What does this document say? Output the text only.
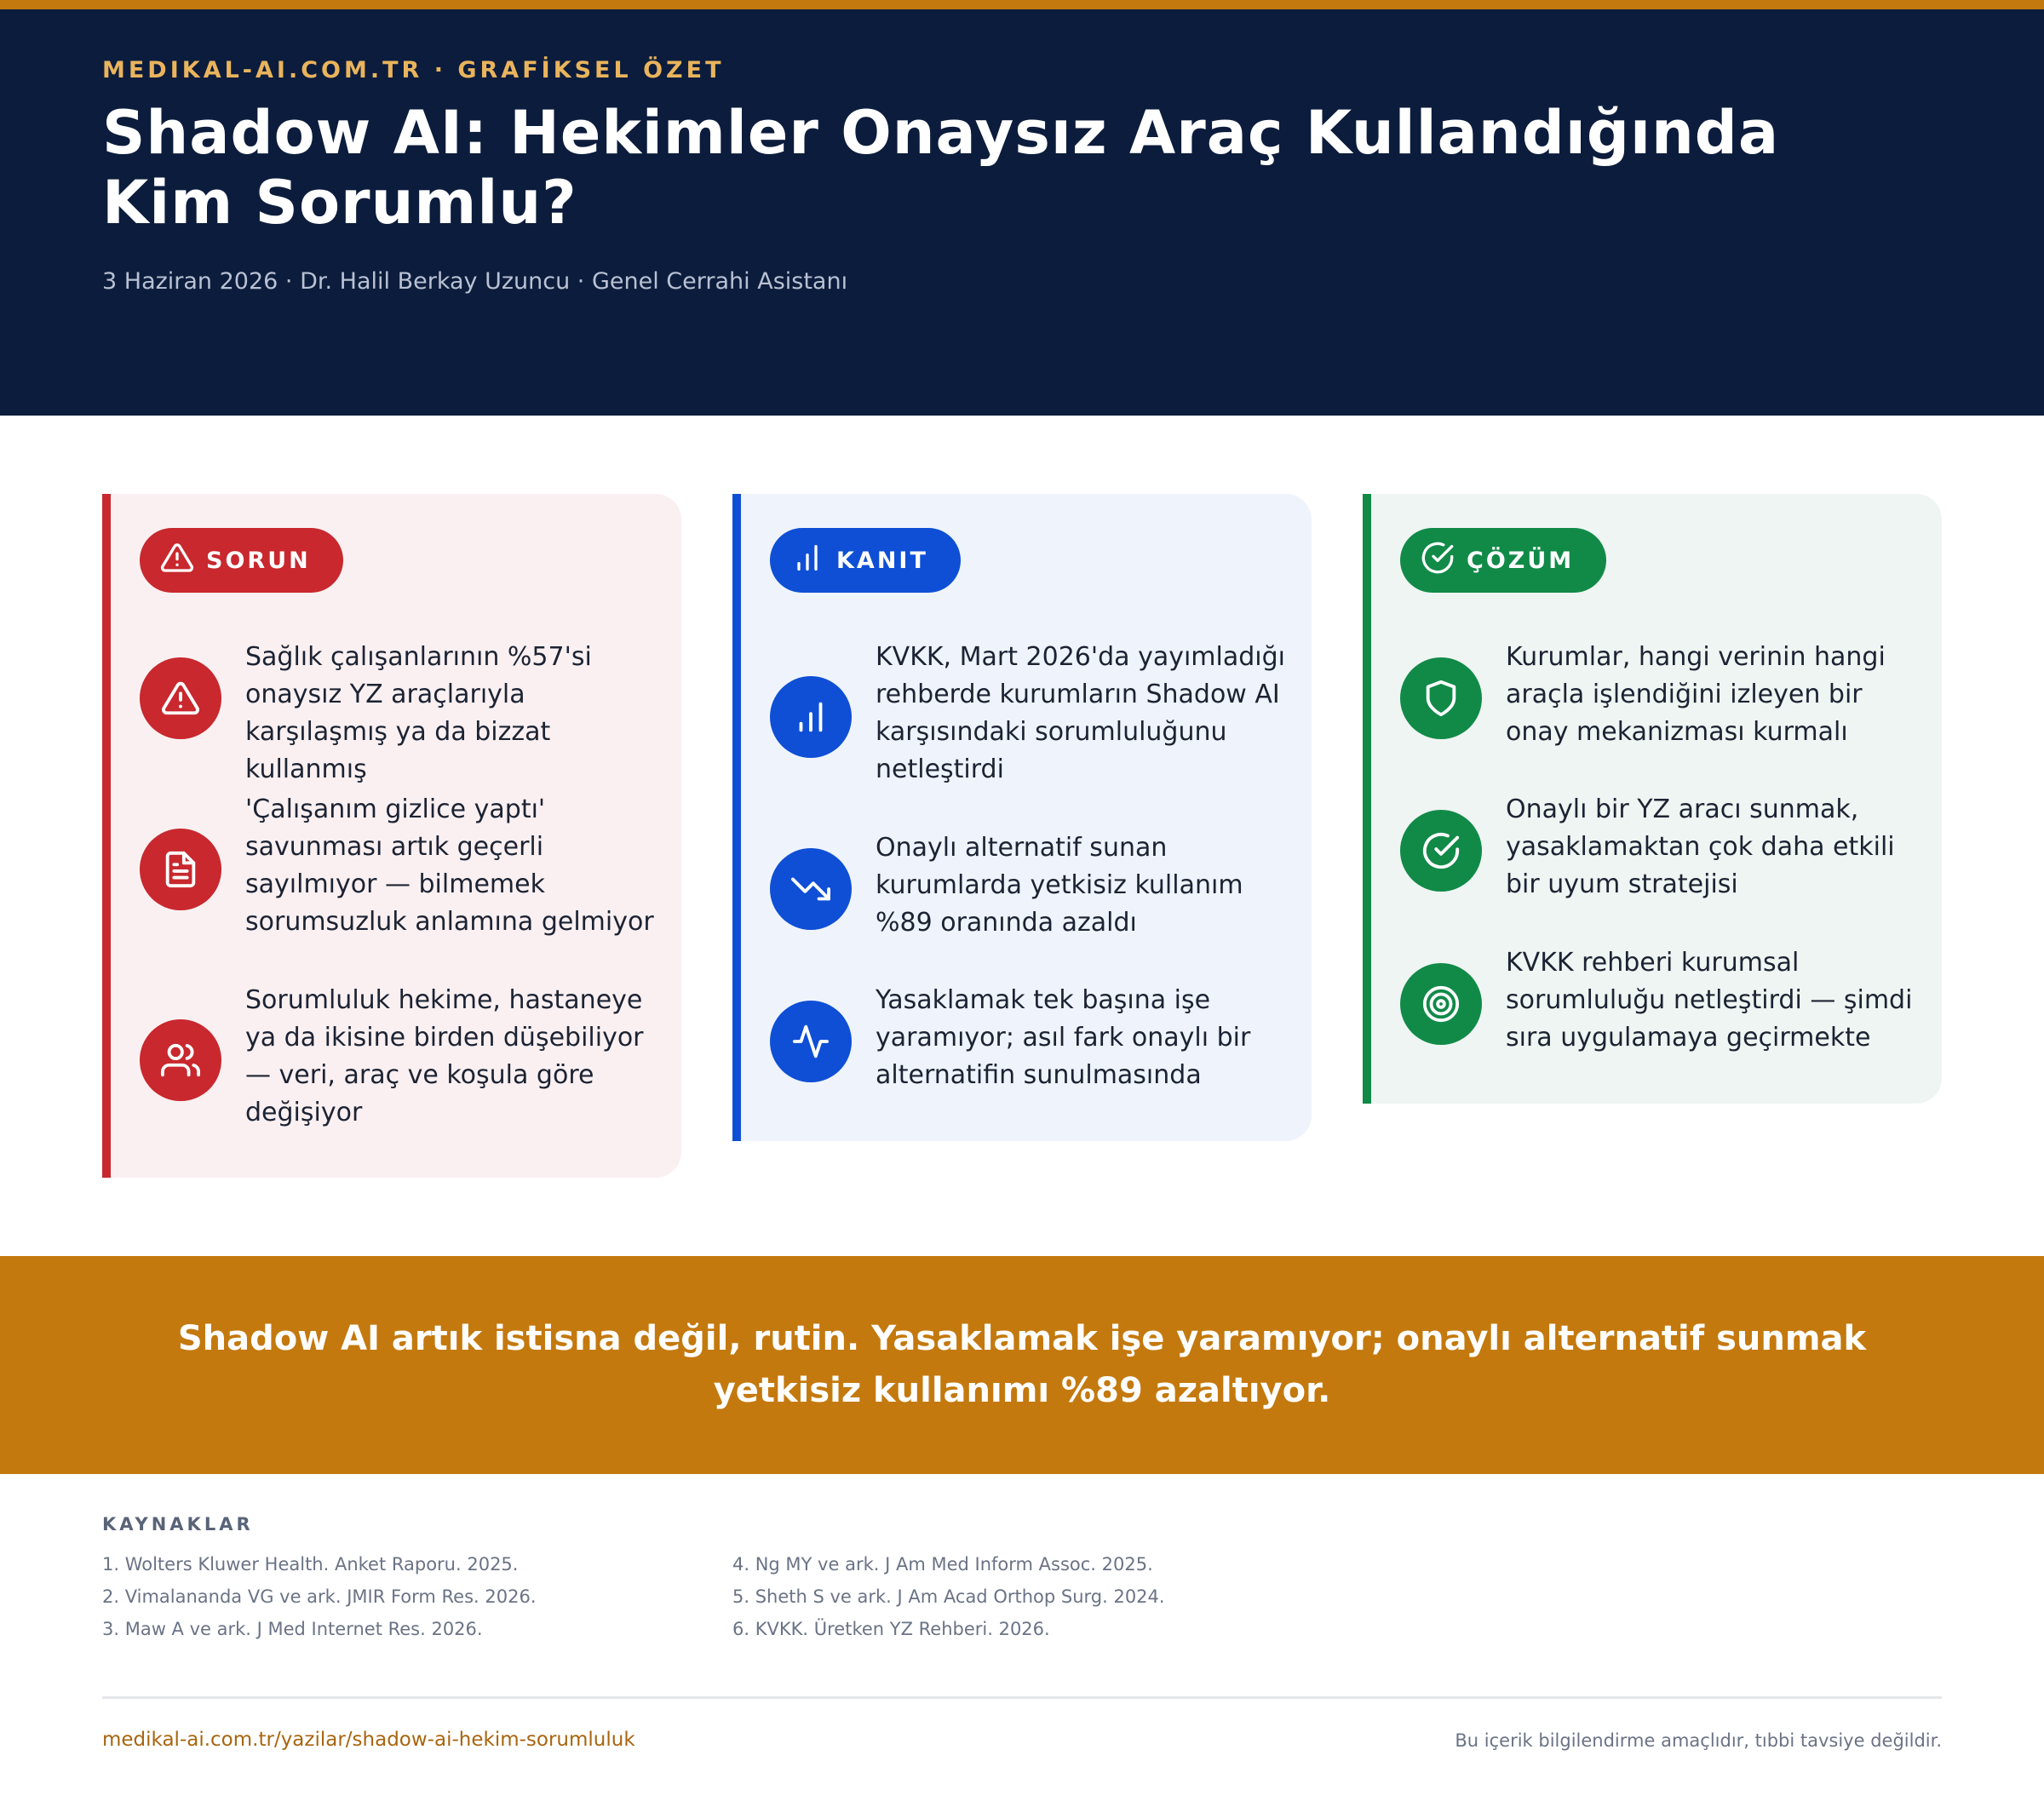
MEDIKAL-AI.COM.TR · GRAFİKSEL ÖZET
Shadow AI: Hekimler Onaysız Araç Kullandığında Kim Sorumlu?
3 Haziran 2026 · Dr. Halil Berkay Uzuncu · Genel Cerrahi Asistanı
SORUN
Sağlık çalışanlarının %57'si onaysız YZ araçlarıyla karşılaşmış ya da bizzat kullanmış
'Çalışanım gizlice yaptı' savunması artık geçerli sayılmıyor — bilmemek sorumsuzluk anlamına gelmiyor
Sorumluluk hekime, hastaneye ya da ikisine birden düşebiliyor — veri, araç ve koşula göre değişiyor
KANIT
KVKK, Mart 2026'da yayımladığı rehberde kurumların Shadow AI karşısındaki sorumluluğunu netleştirdi
Onaylı alternatif sunan kurumlarda yetkisiz kullanım %89 oranında azaldı
Yasaklamak tek başına işe yaramıyor; asıl fark onaylı bir alternatifin sunulmasında
ÇÖZÜM
Kurumlar, hangi verinin hangi araçla işlendiğini izleyen bir onay mekanizması kurmalı
Onaylı bir YZ aracı sunmak, yasaklamaktan çok daha etkili bir uyum stratejisi
KVKK rehberi kurumsal sorumluluğu netleştirdi — şimdi sıra uygulamaya geçirmekte
Shadow AI artık istisna değil, rutin. Yasaklamak işe yaramıyor; onaylı alternatif sunmak yetkisiz kullanımı %89 azaltıyor.
KAYNAKLAR
1. Wolters Kluwer Health. Anket Raporu. 2025.
2. Vimalananda VG ve ark. JMIR Form Res. 2026.
3. Maw A ve ark. J Med Internet Res. 2026.
4. Ng MY ve ark. J Am Med Inform Assoc. 2025.
5. Sheth S ve ark. J Am Acad Orthop Surg. 2024.
6. KVKK. Üretken YZ Rehberi. 2026.
medikal-ai.com.tr/yazilar/shadow-ai-hekim-sorumluluk	Bu içerik bilgilendirme amaçlıdır, tıbbi tavsiye değildir.
